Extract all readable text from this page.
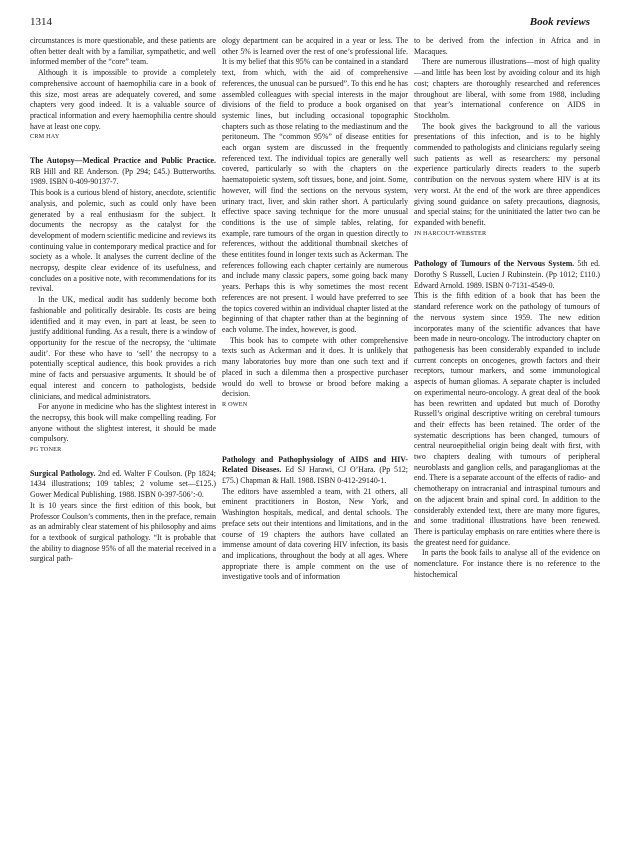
1314	Book reviews

circumstances is more questionable, and these patients are often better dealt with by a familiar, sympathetic, and well informed member of the “core” team.

Although it is impossible to provide a completely comprehensive account of haemophilia care in a book of this size, most areas are adequately covered, and some chapters very good indeed. It is a valuable source of practical information and every haemophilia centre should have at least one copy.

CRM HAY

The Autopsy—Medical Practice and Public Practice. RB Hill and RE Anderson. (Pp 294; £45.) Butterworths. 1989. ISBN 0-409-90137-7.

This book is a curious blend of history, anecdote, scientific analysis, and polemic, such as could only have been generated by a real enthusiasm for the subject. It documents the necropsy as the catalyst for the development of modern scientific medicine and reviews its continuing value in contemporary medical practice and for society as a whole. It analyses the current decline of the necropsy, despite clear evidence of its usefulness, and concludes on a positive note, with recommendations for its revival.

In the UK, medical audit has suddenly become both fashionable and politically desirable. Its costs are being identified and it may even, in part at least, be seen to justify additional funding. As a result, there is a window of opportunity for the rescue of the necropsy, the ‘ultimate audit’. For these who have to ‘sell’ the necropsy to a potentially sceptical audience, this book provides a rich mine of facts and persuasive arguments. It should be of equal interest and concern to pathologists, bedside clinicians, and medical administrators.

For anyone in medicine who has the slightest interest in the necropsy, this book will make compelling reading. For anyone without the slightest interest, it should be made compulsory.

PG TONER

Surgical Pathology. 2nd ed. Walter F Coulson. (Pp 1824; 1434 illustrations; 109 tables; 2 volume set—£125.) Gower Medical Publishing. 1988. ISBN 0-397-506’:-0.

It is 10 years since the first edition of this book, but Professor Coulson’s comments, then in the preface, remain as an admirably clear statement of his philosophy and aims for a textbook of surgical pathology. “It is probable that the ability to diagnose 95% of all the material received in a surgical path-

ology department can be acquired in a year or less. The other 5% is learned over the rest of one’s professional life. It is my belief that this 95% can be contained in a standard text, from which, with the aid of comprehensive references, the unusual can be pursued”. To this end he has assembled colleagues with special interests in the major divisions of the field to produce a book organised on systemic lines, but including occasional topographic chapters such as those relating to the mediastinum and the peritoneum. The “common 95%” of disease entities for each organ system are discussed in the frequently referenced text. The individual topics are generally well covered, particularly so with the chapters on the haematopoietic system, soft tissues, bone, and joint. Some, however, will find the sections on the nervous system, urinary tract, liver, and skin rather short. A particularly effective space saving technique for the more unusual conditions is the use of simple tables, relating, for example, rare tumours of the organ in question directly to references, without the additional thumbnail sketches of these entitites found in longer texts such as Ackerman. The references following each chapter certainly are numerous and include many classic papers, some going back many years. Perhaps this is why sometimes the most recent references are not present. I would have preferred to see the topics covered within an individual chapter listed at the beginning of that chapter rather than at the beginning of each volume. The index, however, is good.

This book has to compete with other comprehensive texts such as Ackerman and it does. It is unlikely that many laboratories buy more than one such text and if placed in such a dilemma then a prospective purchaser would do well to browse or brood before making a decision.

R OWEN

Pathology and Pathophysiology of AIDS and HIV-Related Diseases. Ed SJ Harawi, CJ O’Hara. (Pp 512; £75.) Chapman & Hall. 1988. ISBN 0-412-29140-1.

The editors have assembled a team, with 21 others, all eminent practitioners in Boston, New York, and Washington hospitals, medical, and dental schools. The preface sets out their intentions and limitations, and in the course of 19 chapters the authors have collated an immense amount of data covering HIV infection, its basis and implications, throughout the body at all ages. Where appropriate there is ample comment on the use of investigative tools and of information

to be derived from the infection in Africa and in Macaques.

There are numerous illustrations—most of high quality—and little has been lost by avoiding colour and its high cost; chapters are thoroughly researched and references throughout are liberal, with some from 1988, including that year’s international conference on AIDS in Stockholm.

The book gives the background to all the various presentations of this infection, and is to be highly commended to pathologists and clinicians regularly seeing such patients as well as researchers: my personal experience particularly directs readers to the superb contribution on the nervous system where HIV is at its very worst. At the end of the work are three appendices giving sound guidance on safety precautions, diagnosis, and special stains; for the uninitiated the latter two can be expanded with benefit.

JN HARCOUT-WEBSTER

Pathology of Tumours of the Nervous System. 5th ed. Dorothy S Russell, Lucien J Rubinstein. (Pp 1012; £110.) Edward Arnold. 1989. ISBN 0-7131-4549-0.

This is the fifth edition of a book that has been the standard reference work on the pathology of tumours of the nervous system since 1959. The new edition incorporates many of the scientific advances that have been made in neuro-oncology. The introductory chapter on pathogenesis has been considerably expanded to include current concepts on oncogenes, growth factors and their receptors, tumour markers, and some immunological aspects of human gliomas. A separate chapter is included on experimental neuro-oncology. A great deal of the book has been rewritten and updated but much of Dorothy Russell’s original descriptive writing on cerebral tumours and their effects has been retained. The order of the systematic descriptions has been changed, tumours of central neuroepithelial origin being dealt with first, with two chapters dealing with tumours of peripheral neuroblasts and ganglion cells, and paragangliomas at the end. There is a separate account of the effects of radio- and chemotherapy on intracranial and intraspinal tumours and on the adjacent brain and spinal cord. In addition to the considerably extended text, there are many more figures, and some traditional illustrations have been renewed. There is particulay emphasis on rare entities where there is the greatest need for guidance.

In parts the book fails to analyse all of the evidence on nomenclature. For instance there is no reference to the histochemical
